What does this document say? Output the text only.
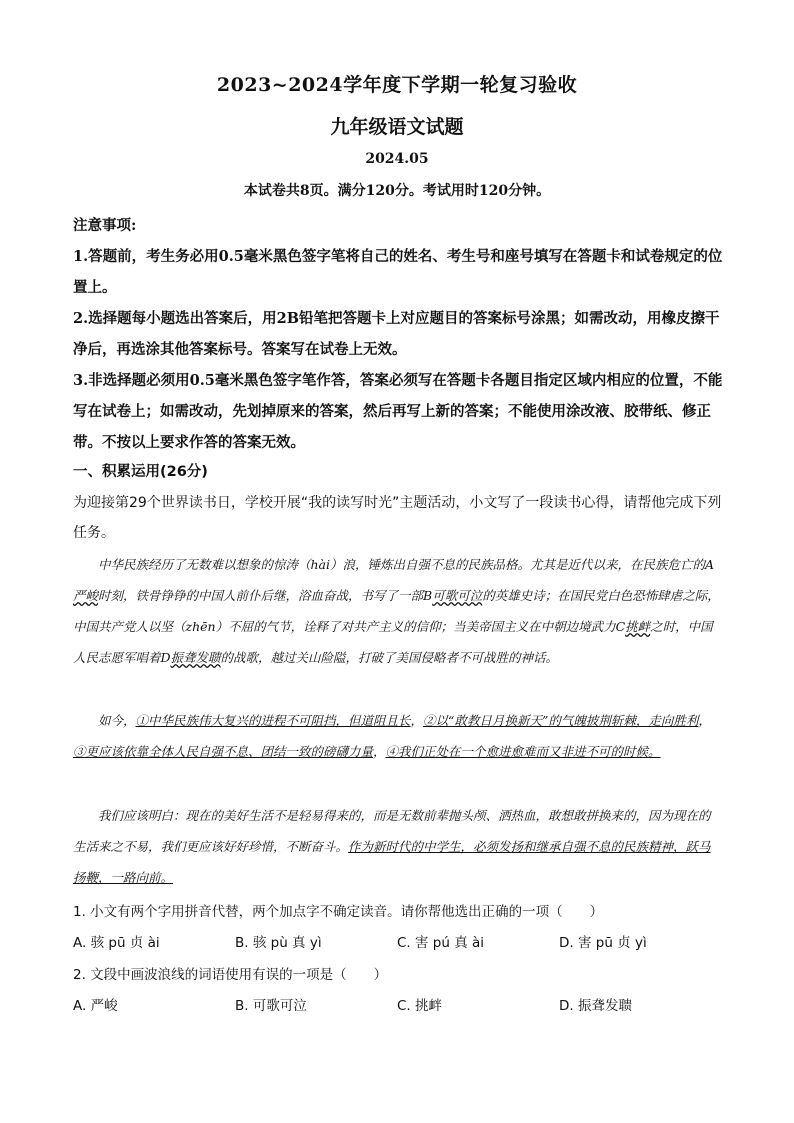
2023~2024学年度下学期一轮复习验收
九年级语文试题
2024.05
本试卷共8页。满分120分。考试用时120分钟。

注意事项:

1.答题前，考生务必用0.5毫米黑色签字笔将自己的姓名、考生号和座号填写在答题卡和试卷规定的位置上。

2.选择题每小题选出答案后，用2B铅笔把答题卡上对应题目的答案标号涂黑；如需改动，用橡皮擦干净后，再选涂其他答案标号。答案写在试卷上无效。

3.非选择题必须用0.5毫米黑色签字笔作答，答案必须写在答题卡各题目指定区域内相应的位置，不能写在试卷上；如需改动，先划掉原来的答案，然后再写上新的答案；不能使用涂改液、胶带纸、修正带。不按以上要求作答的答案无效。

一、积累运用(26分)
为迎接第29个世界读书日，学校开展“我的读写时光”主题活动，小文写了一段读书心得，请帮他完成下列任务。

中华民族经历了无数难以想象的惊涛（hài）浪，锤炼出自强不息的民族品格。尤其是近代以来，在民族危亡的A严峻时刻，铁骨铮铮的中国人前仆后继，浴血奋战，书写了一部B可歌可泣的英雄史诗；在国民党白色恐怖肆虐之际，中国共产党人以坚（zhēn）不屈的气节，诠释了对共产主义的信仰；当美帝国主义在中朝边境武力C挑衅之时，中国人民志愿军唱着D振聋发聩的战歌，越过关山险隘，打破了美国侵略者不可战胜的神话。

如今，①中华民族伟大复兴的进程不可阻挡，但道阻且长，②以“敢教日月换新天”的气魄披荆斩棘，走向胜利，③更应该依靠全体人民自强不息、团结一致的磅礴力量，④我们正处在一个愈进愈难而又非进不可的时候。

我们应该明白：现在的美好生活不是轻易得来的，而是无数前辈抛头颅、洒热血，敢想敢拼换来的，因为现在的生活来之不易，我们更应该好好珍惜，不断奋斗。作为新时代的中学生，必须发扬和继承自强不息的民族精神，跃马扬鞭，一路向前。

1. 小文有两个字用拼音代替，两个加点字不确定读音。请你帮他选出正确的一项（　　）
A. 骇 pū 贞 ài	B. 骇 pù 真 yì	C. 害 pú 真 ài	D. 害 pū 贞 yì
2. 文段中画波浪线的词语使用有误的一项是（　　）
A. 严峻	B. 可歌可泣	C. 挑衅	D. 振聋发聩
